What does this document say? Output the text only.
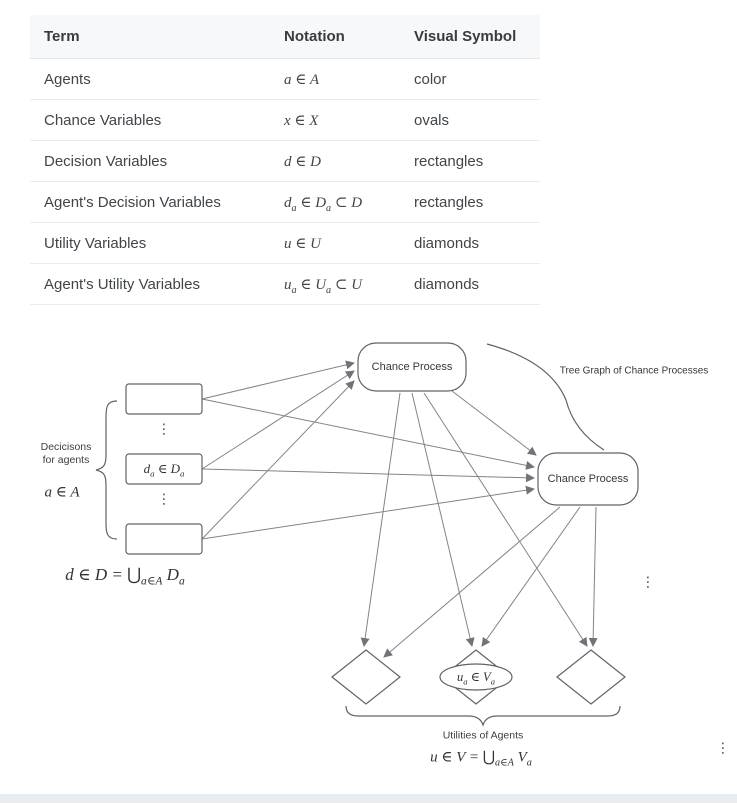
Term	Notation	Visual Symbol
Agents	a ∈ A	color
Chance Variables	x ∈ X	ovals
Decision Variables	d ∈ D	rectangles
Agent's Decision Variables	$d_a$ ∈ $D_a$ ⊂ D	rectangles
Utility Variables	u ∈ U	diamonds
Agent's Utility Variables	$u_a$ ∈ $U_a$ ⊂ U	diamonds
Chance Process
Chance Process
Tree Graph of Chance Processes
$d_a$ ∈ $D_a$
$u_a$ ∈ $V_a$
Decicisons
for agents
a ∈ A
d ∈ $D = ⋃_{a\in A}$ $D_a$
Utilities of Agents
u ∈ $V = ⋃_{a\in A}$ $V_a$
⋮
⋮
⋮
⋮
